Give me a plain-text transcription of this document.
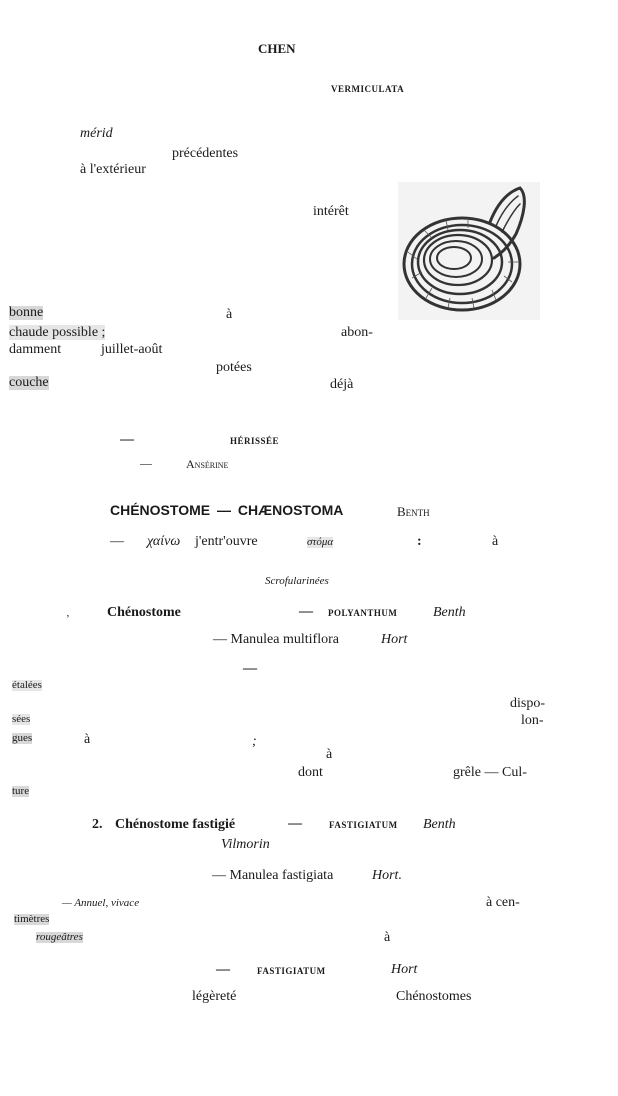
CHEN
VERMICULATA
mérid
précédentes
à l'extérieur
intérêt
bonne	à
chaude possible ;	abon-
damment	juillet-août
potées
couche	déjà
—	HÉRISSÉE
—	Ansérine
CHÉNOSTOME — CHÆNOSTOMA	Benth
— χαίνω j'entr'ouvre	στόμα	:	à
Scrofularinées
‚	Chénostome	— POLYANTHUM	Benth
— Manulea multiflora	Hort
—
étalées
dispo-
sées	lon-
gues	à	;
à
dont	grêle — Cul-
ture
2. Chénostome fastigié	—	FASTIGIATUM Benth
Vilmorin
— Manulea fastigiata	Hort.
— Annuel, vivace	à cen-
timètres
rougeâtres	à
—	FASTIGIATUM	Hort
légèreté	Chénostomes
